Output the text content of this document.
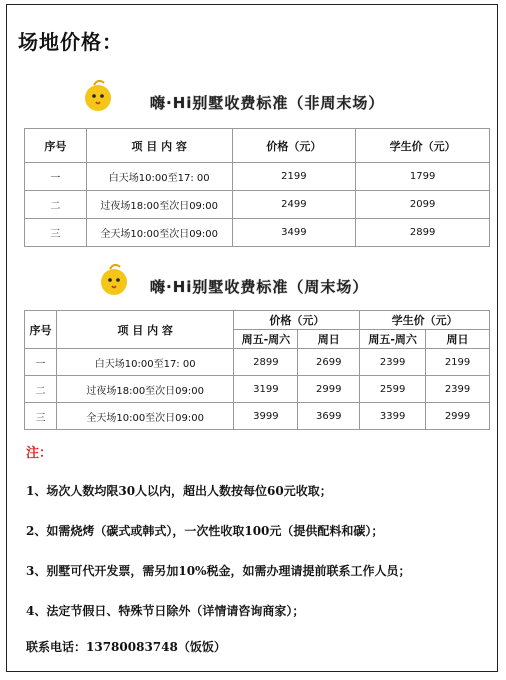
场地价格：
嗨·Hi别墅收费标准（非周末场）
序号	项 目 内 容	价格（元）	学生价（元）
一	白天场10:00至17: 00	2199	1799
二	过夜场18:00至次日09:00	2499	2099
三	全天场10:00至次日09:00	3499	2899
嗨·Hi别墅收费标准（周末场）
序号	项 目 内 容	价格（元）		学生价（元）	
		周五-周六	周日	周五-周六	周日
一	白天场10:00至17: 00	2899	2699	2399	2199
二	过夜场18:00至次日09:00	3199	2999	2599	2399
三	全天场10:00至次日09:00	3999	3699	3399	2999
注：
1、场次人数均限30人以内，超出人数按每位60元收取；
2、如需烧烤（碳式或韩式），一次性收取100元（提供配料和碳）；
3、别墅可代开发票，需另加10%税金，如需办理请提前联系工作人员；
4、法定节假日、特殊节日除外（详情请咨询商家）；
联系电话：13780083748（饭饭）
